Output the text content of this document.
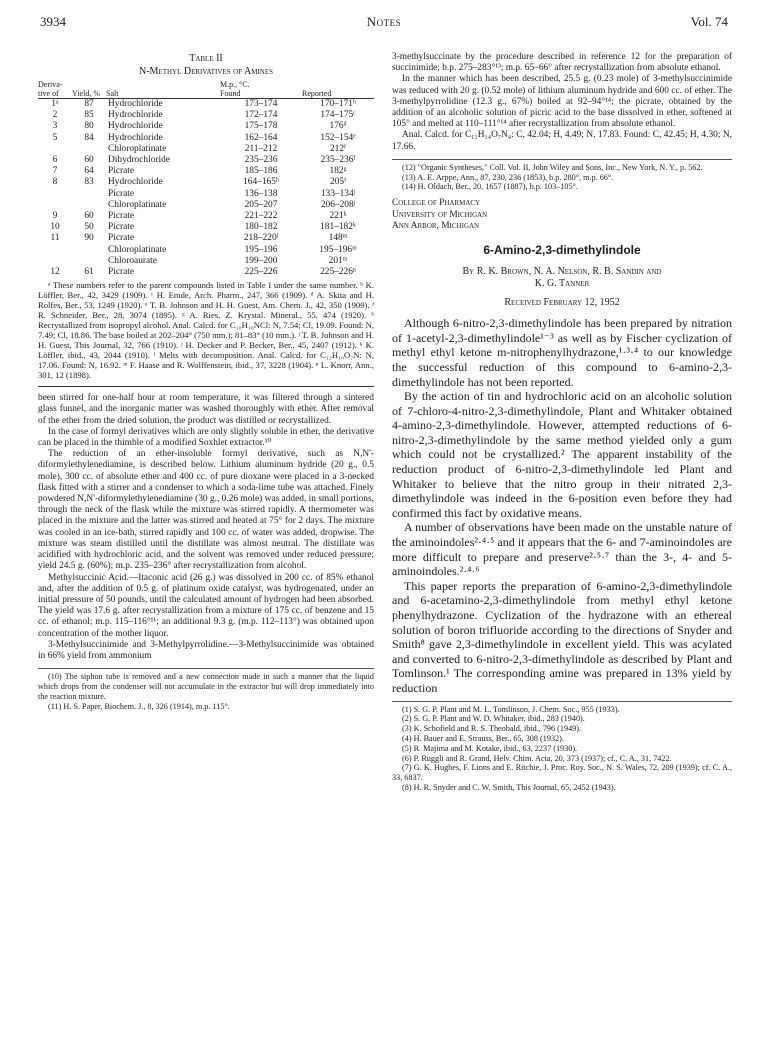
3934	Notes	Vol. 74
Table II
N-Methyl Derivatives of Amines
Deriva-tive of	Yield, %	Salt	M.p., °C.
Found	Reported
1ᵃ	87	Hydrochloride	173–174	170–171ᵇ
2	85	Hydrochloride	172–174	174–175ᶜ
3	80	Hydrochloride	175–178	176ᵈ
5	84	Hydrochloride	162–164	152–154ᵉ
		Chloroplatinate	211–212	212ᶠ
6	60	Dihydrochloride	235–236	235–236ᶠ
7	64	Picrate	185–186	182ᵍ
8	83	Hydrochloride	164–165ʰ	205ⁱ
		Picrate	136–138	133–134ʲ
		Chloroplatinate	205–207	206–208ʲ
9	60	Picrate	221–222	221ᵏ
10	50	Picrate	180–182	181–182ᵏ
11	90	Picrate	218–220ˡ	148ᵐ
		Chloroplatinate	195–196	195–196ᵐ
		Chloroaurate	199–200	201ᵐ
12	61	Picrate	225–226	225–226ⁿ
ᵃ These numbers refer to the parent compounds listed in Table I under the same number. ᵇ K. Löffler, Ber., 42, 3429 (1909). ᶜ H. Emde, Arch. Pharm., 247, 366 (1909). ᵈ A. Skita and H. Rolfes, Ber., 53, 1249 (1920). ᵉ T. B. Johnson and H. H. Guest, Am. Chem. J., 42, 350 (1909). ᶠ R. Schneider, Ber., 28, 3074 (1895). ᵍ A. Ries, Z. Krystal. Mineral., 55, 474 (1920). ʰ Recrystallized from isopropyl alcohol. Anal. Calcd. for C₁₀H₁₆NCl: N, 7.54; Cl, 19.09. Found: N, 7.49; Cl, 18.86. The base boiled at 202–204° (750 mm.); 81–83° (10 mm.). ʲ T. B. Johnson and H. H. Guest, This Journal, 32, 766 (1910). ʲ H. Decker and P. Becker, Ber., 45, 2407 (1912). ᵏ K. Löffler, ibid., 43, 2044 (1910). ˡ Melts with decomposition. Anal. Calcd. for C₁₂H₁₀O₇N: N, 17.06. Found: N, 16.92. ᵐ F. Haase and R. Wolffenstein, ibid., 37, 3228 (1904). ⁿ L. Knorr, Ann., 301, 12 (1898).

been stirred for one-half hour at room temperature, it was filtered through a sintered glass funnel, and the inorganic matter was washed thoroughly with ether. After removal of the ether from the dried solution, the product was distilled or recrystallized.

In the case of formyl derivatives which are only slightly soluble in ether, the derivative can be placed in the thimble of a modified Soxhlet extractor.¹⁰

The reduction of an ether-insoluble formyl derivative, such as N,N'-diformylethylenediamine, is described below. Lithium aluminum hydride (20 g., 0.5 mole), 300 cc. of absolute ether and 400 cc. of pure dioxane were placed in a 3-necked flask fitted with a stirrer and a condenser to which a soda-lime tube was attached. Finely powdered N,N'-diformylethylenediamine (30 g., 0.26 mole) was added, in small portions, through the neck of the flask while the mixture was stirred rapidly. A thermometer was placed in the mixture and the latter was stirred and heated at 75° for 2 days. The mixture was cooled in an ice-bath, stirred rapidly and 100 cc. of water was added, dropwise. The mixture was steam distilled until the distillate was almost neutral. The distillate was acidified with hydrochloric acid, and the solvent was removed under reduced pressure; yield 24.5 g. (60%); m.p. 235–236° after recrystallization from alcohol.

Methylsuccinic Acid.—Itaconic acid (26 g.) was dissolved in 200 cc. of 85% ethanol and, after the addition of 0.5 g. of platinum oxide catalyst, was hydrogenated, under an initial pressure of 50 pounds, until the calculated amount of hydrogen had been absorbed. The yield was 17.6 g. after recrystallization from a mixture of 175 cc. of benzene and 15 cc. of ethanol; m.p. 115–116°¹¹; an additional 9.3 g. (m.p. 112–113°) was obtained upon concentration of the mother liquor.

3-Methylsuccinimide and 3-Methylpyrrolidine.—3-Methylsuccinimide was obtained in 66% yield from ammonium

(10) The siphon tube is removed and a new connection made in such a manner that the liquid which drops from the condenser will not accumulate in the extractor but will drop immediately into the reaction mixture.
(11) H. S. Paper, Biochem. J., 8, 326 (1914), m.p. 115°.

3-methylsuccinate by the procedure described in reference 12 for the preparation of succinimide; b.p. 275–283°¹³; m.p. 65–66° after recrystallization from absolute ethanol.

In the manner which has been described, 25.5 g. (0.23 mole) of 3-methylsuccinimide was reduced with 20 g. (0.52 mole) of lithium aluminum hydride and 600 cc. of ether. The 3-methylpyrrolidine (12.3 g., 67%) boiled at 92–94°¹⁴; the picrate, obtained by the addition of an alcoholic solution of picric acid to the base dissolved in ether, softened at 105° and melted at 110–111°¹⁴ after recrystallization from absolute ethanol.

Anal. Calcd. for C₁₁H₁₄O₇N₄: C, 42.04; H, 4.49; N, 17.83. Found: C, 42.45; H, 4.30; N, 17.66.

(12) "Organic Syntheses," Coll. Vol. II, John Wiley and Sons, Inc., New York, N. Y., p. 562.
(13) A. E. Arppe, Ann., 87, 230, 236 (1853), b.p. 280°, m.p. 66°.
(14) H. Oldach, Ber., 20, 1657 (1887), b.p. 103–105°.
College of Pharmacy
University of Michigan
Ann Arbor, Michigan
6-Amino-2,3-dimethylindole
By R. K. Brown, N. A. Nelson, R. B. Sandin and
K. G. Tanner
Received February 12, 1952

Although 6-nitro-2,3-dimethylindole has been prepared by nitration of 1-acetyl-2,3-dimethylindole¹⁻³ as well as by Fischer cyclization of methyl ethyl ketone m-nitrophenylhydrazone,¹·³·⁴ to our knowledge the successful reduction of this compound to 6-amino-2,3-dimethylindole has not been reported.

By the action of tin and hydrochloric acid on an alcoholic solution of 7-chloro-4-nitro-2,3-dimethylindole, Plant and Whitaker obtained 4-amino-2,3-dimethylindole. However, attempted reductions of 6-nitro-2,3-dimethylindole by the same method yielded only a gum which could not be crystallized.² The apparent instability of the reduction product of 6-nitro-2,3-dimethylindole led Plant and Whitaker to believe that the nitro group in their nitrated 2,3-dimethylindole was indeed in the 6-position even before they had confirmed this fact by oxidative means.

A number of observations have been made on the unstable nature of the aminoindoles²·⁴·⁵ and it appears that the 6- and 7-aminoindoles are more difficult to prepare and preserve²·⁵·⁷ than the 3-, 4- and 5-aminoindoles.²·⁴·⁶

This paper reports the preparation of 6-amino-2,3-dimethylindole and 6-acetamino-2,3-dimethylindole from methyl ethyl ketone phenylhydrazone. Cyclization of the hydrazone with an ethereal solution of boron trifluoride according to the directions of Snyder and Smith⁸ gave 2,3-dimethylindole in excellent yield. This was acylated and converted to 6-nitro-2,3-dimethylindole as described by Plant and Tomlinson.¹ The corresponding amine was prepared in 13% yield by reduction

(1) S. G. P. Plant and M. L. Tomlinson, J. Chem. Soc., 955 (1933).
(2) S. G. P. Plant and W. D. Whitaker, ibid., 283 (1940).
(3) K. Schofield and R. S. Theobald, ibid., 796 (1949).
(4) H. Bauer and E. Strauss, Ber., 65, 308 (1932).
(5) R. Majima and M. Kotake, ibid., 63, 2237 (1930).
(6) P. Ruggli and R. Grand, Helv. Chim. Acta, 20, 373 (1937); cf., C. A., 31, 7422.
(7) G. K. Hughes, F. Lions and E. Ritchie, J. Proc. Roy. Soc., N. S. Wales, 72, 209 (1939); cf. C. A., 33, 6837.
(8) H. R. Snyder and C. W. Smith, This Journal, 65, 2452 (1943).
